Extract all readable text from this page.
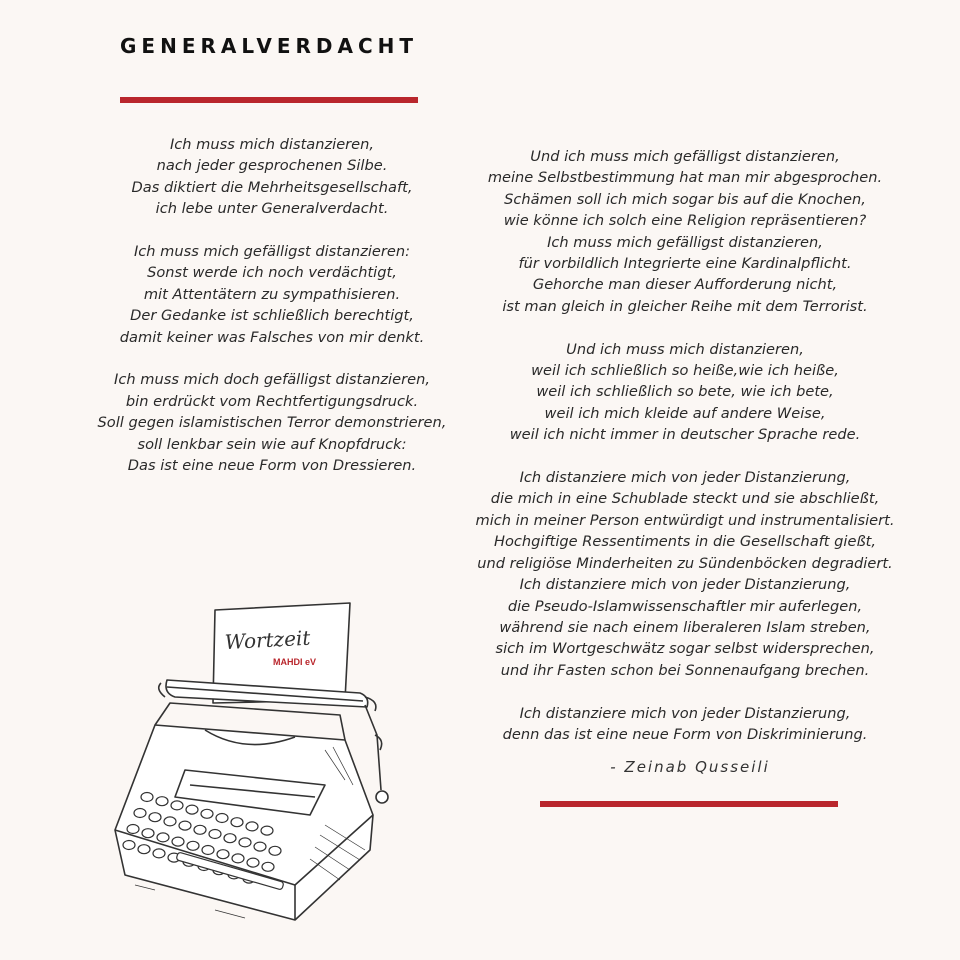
GENERALVERDACHT
Ich muss mich distanzieren,
nach jeder gesprochenen Silbe.
Das diktiert die Mehrheitsgesellschaft,
ich lebe unter Generalverdacht.
Ich muss mich gefälligst distanzieren:
Sonst werde ich noch verdächtigt,
mit Attentätern zu sympathisieren.
Der Gedanke ist schließlich berechtigt,
damit keiner was Falsches von mir denkt.
Ich muss mich doch gefälligst distanzieren,
bin erdrückt vom Rechtfertigungsdruck.
Soll gegen islamistischen Terror demonstrieren,
soll lenkbar sein wie auf Knopfdruck:
Das ist eine neue Form von Dressieren.
Und ich muss mich gefälligst distanzieren,
meine Selbstbestimmung hat man mir abgesprochen.
Schämen soll ich mich sogar bis auf die Knochen,
wie könne ich solch eine Religion repräsentieren?
Ich muss mich gefälligst distanzieren,
für vorbildlich Integrierte eine Kardinalpflicht.
Gehorche man dieser Aufforderung nicht,
ist man gleich in gleicher Reihe mit dem Terrorist.
Und ich muss mich distanzieren,
weil ich schließlich so heiße,wie ich heiße,
weil ich schließlich so bete, wie ich bete,
weil ich mich kleide auf andere Weise,
weil ich nicht immer in deutscher Sprache rede.
Ich distanziere mich von jeder Distanzierung,
die mich in eine Schublade steckt und sie abschließt,
mich in meiner Person entwürdigt und instrumentalisiert.
Hochgiftige Ressentiments in die Gesellschaft gießt,
und religiöse Minderheiten zu Sündenböcken degradiert.
Ich distanziere mich von jeder Distanzierung,
die Pseudo-Islamwissenschaftler mir auferlegen,
während sie nach einem liberaleren Islam streben,
sich im Wortgeschwätz sogar selbst widersprechen,
und ihr Fasten schon bei Sonnenaufgang brechen.
Ich distanziere mich von jeder Distanzierung,
denn das ist eine neue Form von Diskriminierung.
- Zeinab Qusseili
Wortzeit
MAHDI eV
